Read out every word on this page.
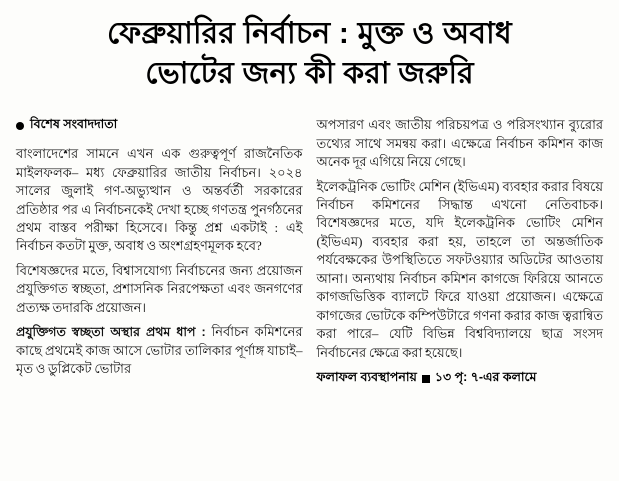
ফেব্রুয়ারির নির্বাচন : মুক্ত ও অবাধ
ভোটের জন্য কী করা জরুরি
বিশেষ সংবাদদাতা

বাংলাদেশের সামনে এখন এক গুরুত্বপূর্ণ রাজনৈতিক মাইলফলক– মধ্য ফেব্রুয়ারির জাতীয় নির্বাচন। ২০২৪ সালের জুলাই গণ-অভ্যুত্থান ও অন্তর্বর্তী সরকারের প্রতিষ্ঠার পর এ নির্বাচনকেই দেখা হচ্ছে গণতন্ত্র পুনর্গঠনের প্রথম বাস্তব পরীক্ষা হিসেবে। কিন্তু প্রশ্ন একটাই : এই নির্বাচন কতটা মুক্ত, অবাধ ও অংশগ্রহণমূলক হবে?

বিশেষজ্ঞদের মতে, বিশ্বাসযোগ্য নির্বাচনের জন্য প্রয়োজন প্রযুক্তিগত স্বচ্ছতা, প্রশাসনিক নিরপেক্ষতা এবং জনগণের প্রত্যক্ষ তদারকি প্রয়োজন।

প্রযুক্তিগত স্বচ্ছতা অস্থার প্রথম ধাপ : নির্বাচন কমিশনের কাছে প্রথমেই কাজ আসে ভোটার তালিকার পূর্ণাঙ্গ যাচাই– মৃত ও ডুপ্লিকেট ভোটার

অপসারণ এবং জাতীয় পরিচয়পত্র ও পরিসংখ্যান ব্যুরোর তথ্যের সাথে সমন্বয় করা। এক্ষেত্রে নির্বাচন কমিশন কাজ অনেক দূর এগিয়ে নিয়ে গেছে।

ইলেকট্রনিক ভোটিং মেশিন (ইভিএম) ব্যবহার করার বিষয়ে নির্বাচন কমিশনের সিদ্ধান্ত এখনো নেতিবাচক। বিশেষজ্ঞদের মতে, যদি ইলেকট্রনিক ভোটিং মেশিন (ইভিএম) ব্যবহার করা হয়, তাহলে তা অন্তর্জাতিক পর্যবেক্ষকের উপস্থিতিতে সফটওয়্যার অডিটের আওতায় আনা। অন্যথায় নির্বাচন কমিশন কাগজে ফিরিয়ে আনতে কাগজভিত্তিক ব্যালটে ফিরে যাওয়া প্রয়োজন। এক্ষেত্রে কাগজের ভোটকে কম্পিউটারে গণনা করার কাজ ত্বরান্বিত করা পারে– যেটি বিভিন্ন বিশ্ববিদ্যালয়ে ছাত্র সংসদ নির্বাচনের ক্ষেত্রে করা হয়েছে।

ফলাফল ব্যবস্থাপনায় ১৩ পৃ: ৭-এর কলামে
